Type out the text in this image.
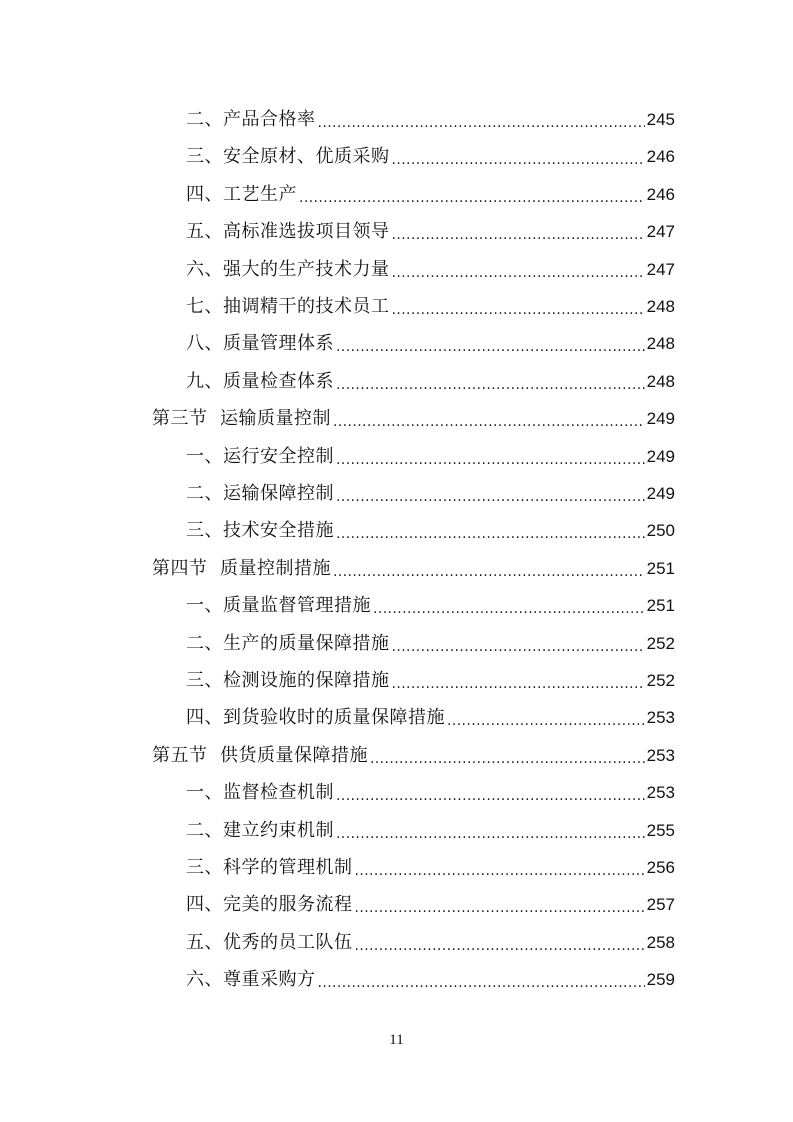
二、产品合格率 .....	245
三、安全原材、优质采购 .....	246
四、工艺生产 .....	246
五、高标准选拔项目领导 .....	247
六、强大的生产技术力量 .....	247
七、抽调精干的技术员工 .....	248
八、质量管理体系 .....	248
九、质量检查体系 .....	248
第三节  运输质量控制 .....	249
一、运行安全控制 .....	249
二、运输保障控制 .....	249
三、技术安全措施 .....	250
第四节  质量控制措施 .....	251
一、质量监督管理措施 .....	251
二、生产的质量保障措施 .....	252
三、检测设施的保障措施 .....	252
四、到货验收时的质量保障措施 .....	253
第五节  供货质量保障措施 .....	253
一、监督检查机制 .....	253
二、建立约束机制 .....	255
三、科学的管理机制 .....	256
四、完美的服务流程 .....	257
五、优秀的员工队伍 .....	258
六、尊重采购方 .....	259
11
